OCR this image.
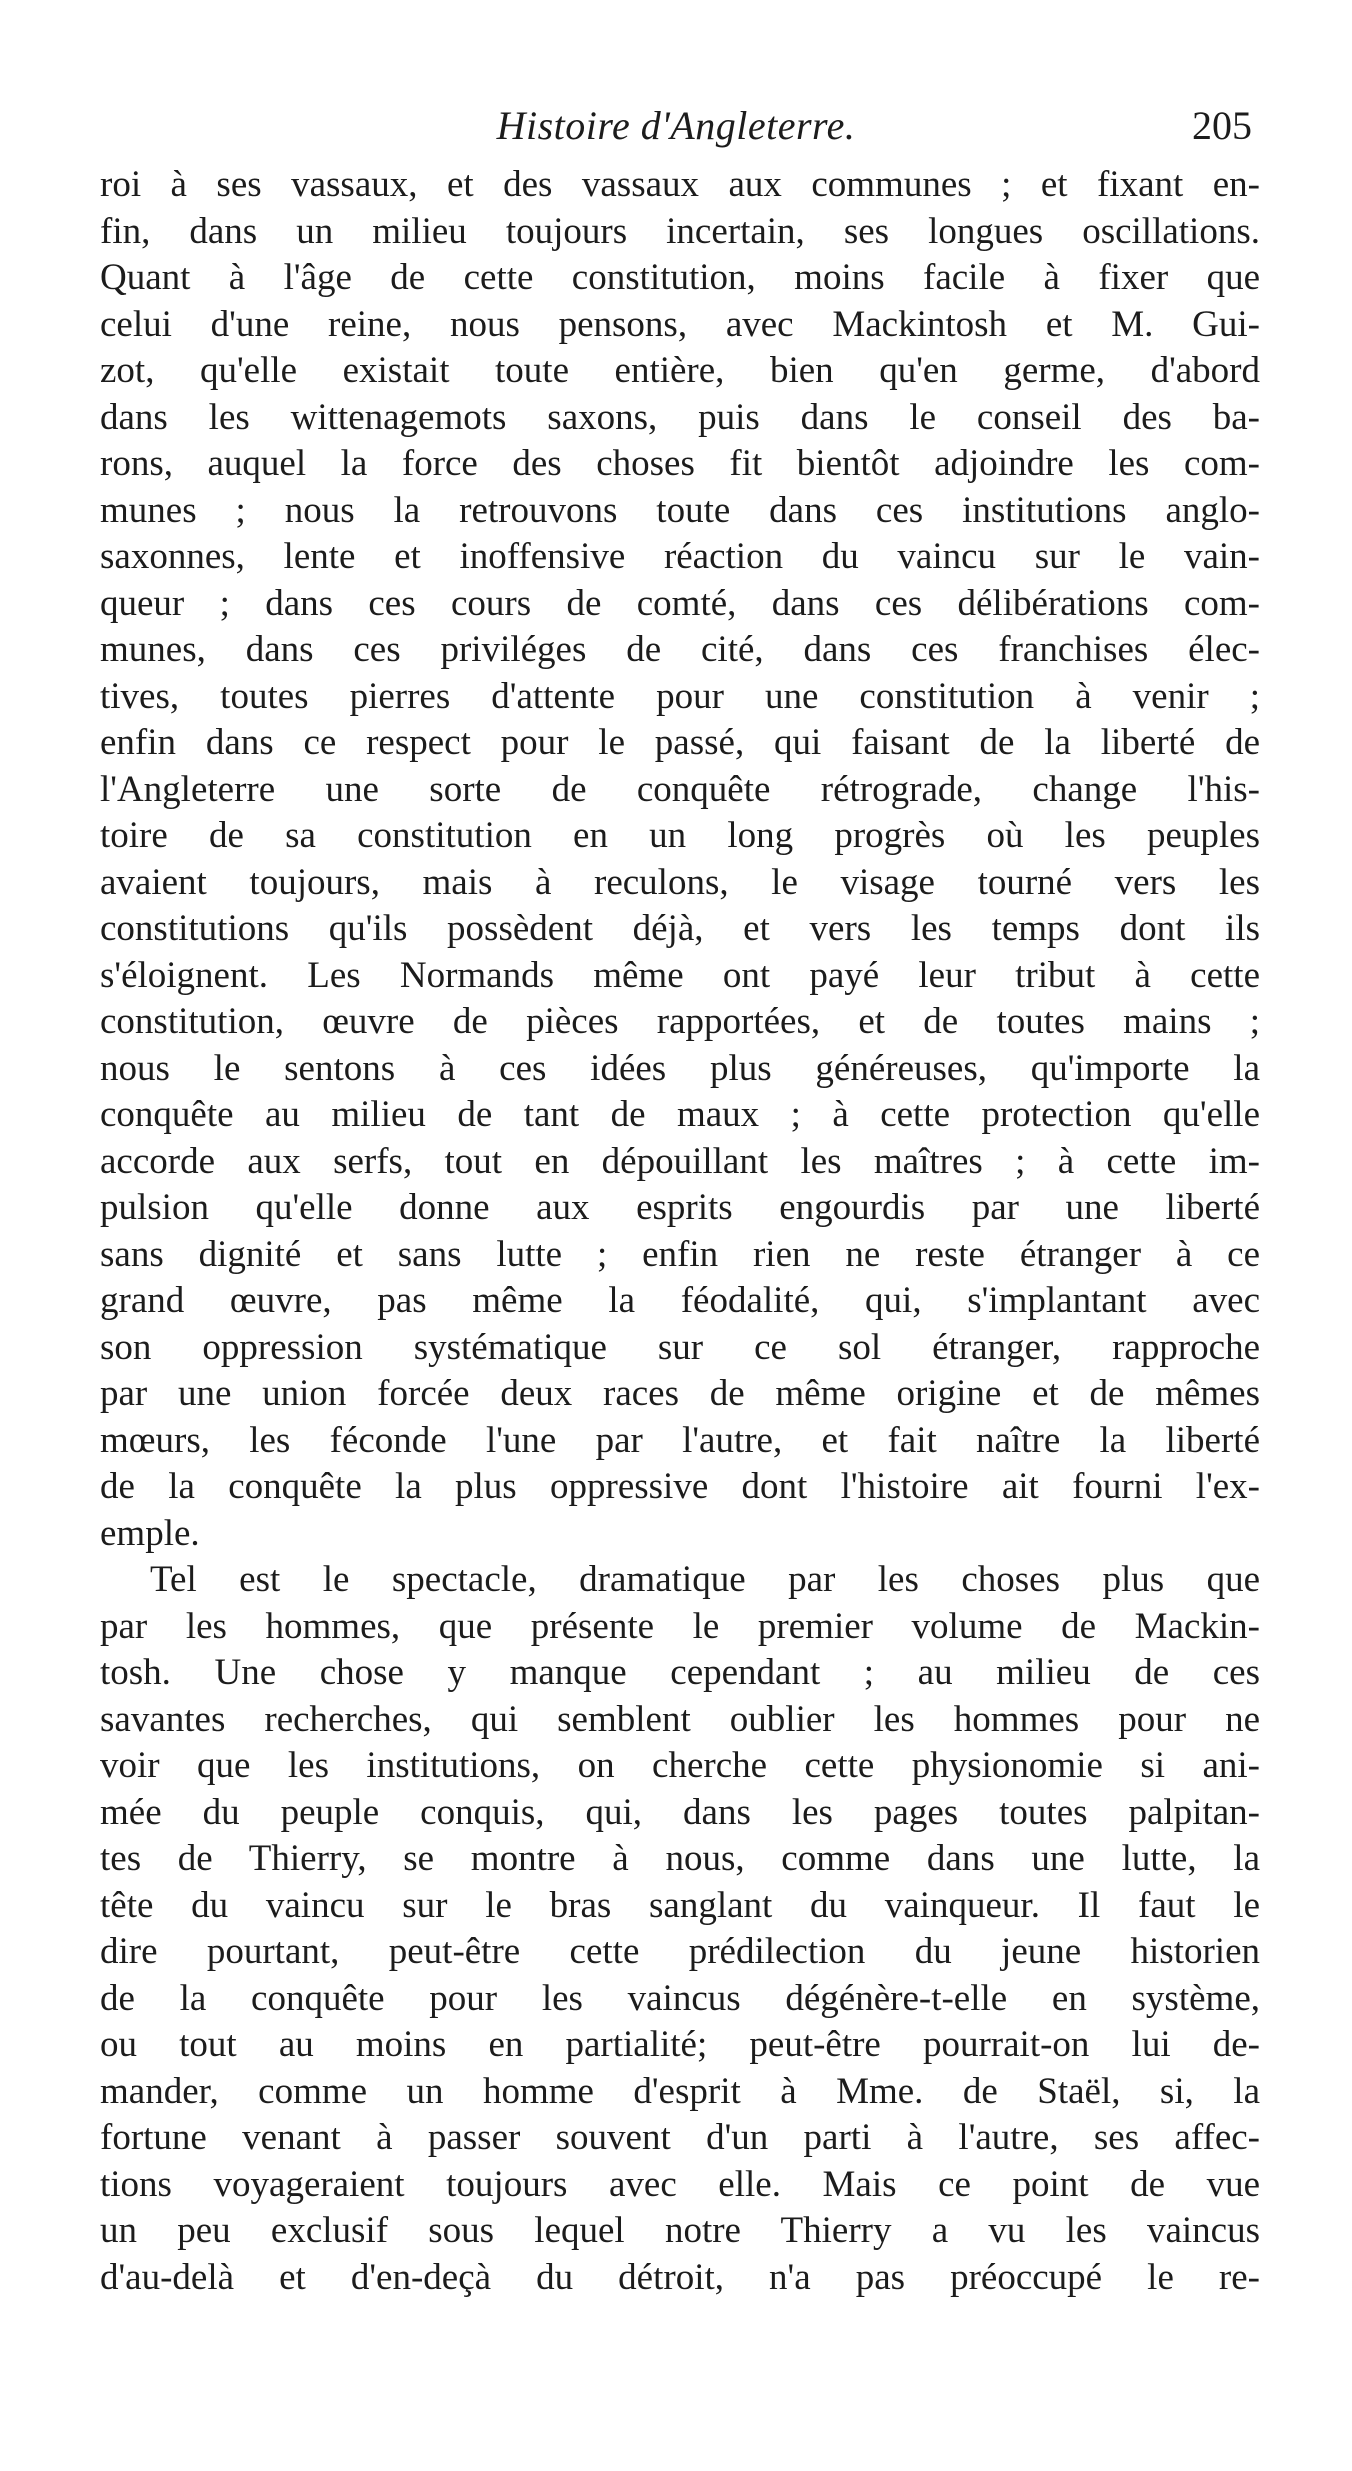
Histoire d'Angleterre.	205
roi à ses vassaux, et des vassaux aux communes ; et fixant en-
fin, dans un milieu toujours incertain, ses longues oscillations.
Quant à l'âge de cette constitution, moins facile à fixer que
celui d'une reine, nous pensons, avec Mackintosh et M. Gui-
zot, qu'elle existait toute entière, bien qu'en germe, d'abord
dans les wittenagemots saxons, puis dans le conseil des ba-
rons, auquel la force des choses fit bientôt adjoindre les com-
munes ; nous la retrouvons toute dans ces institutions anglo-
saxonnes, lente et inoffensive réaction du vaincu sur le vain-
queur ; dans ces cours de comté, dans ces délibérations com-
munes, dans ces priviléges de cité, dans ces franchises élec-
tives, toutes pierres d'attente pour une constitution à venir ;
enfin dans ce respect pour le passé, qui faisant de la liberté de
l'Angleterre une sorte de conquête rétrograde, change l'his-
toire de sa constitution en un long progrès où les peuples
avaient toujours, mais à reculons, le visage tourné vers les
constitutions qu'ils possèdent déjà, et vers les temps dont ils
s'éloignent. Les Normands même ont payé leur tribut à cette
constitution, œuvre de pièces rapportées, et de toutes mains ;
nous le sentons à ces idées plus généreuses, qu'importe la
conquête au milieu de tant de maux ; à cette protection qu'elle
accorde aux serfs, tout en dépouillant les maîtres ; à cette im-
pulsion qu'elle donne aux esprits engourdis par une liberté
sans dignité et sans lutte ; enfin rien ne reste étranger à ce
grand œuvre, pas même la féodalité, qui, s'implantant avec
son oppression systématique sur ce sol étranger, rapproche
par une union forcée deux races de même origine et de mêmes
mœurs, les féconde l'une par l'autre, et fait naître la liberté
de la conquête la plus oppressive dont l'histoire ait fourni l'ex-
emple.
Tel est le spectacle, dramatique par les choses plus que
par les hommes, que présente le premier volume de Mackin-
tosh. Une chose y manque cependant ; au milieu de ces
savantes recherches, qui semblent oublier les hommes pour ne
voir que les institutions, on cherche cette physionomie si ani-
mée du peuple conquis, qui, dans les pages toutes palpitan-
tes de Thierry, se montre à nous, comme dans une lutte, la
tête du vaincu sur le bras sanglant du vainqueur. Il faut le
dire pourtant, peut-être cette prédilection du jeune historien
de la conquête pour les vaincus dégénère-t-elle en système,
ou tout au moins en partialité; peut-être pourrait-on lui de-
mander, comme un homme d'esprit à Mme. de Staël, si, la
fortune venant à passer souvent d'un parti à l'autre, ses affec-
tions voyageraient toujours avec elle. Mais ce point de vue
un peu exclusif sous lequel notre Thierry a vu les vaincus
d'au-delà et d'en-deçà du détroit, n'a pas préoccupé le re-
